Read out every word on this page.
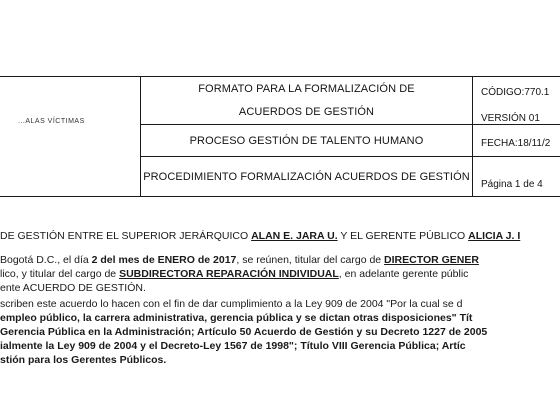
...ALAS VÍCTIMAS
FORMATO PARA LA FORMALIZACIÓN DE
ACUERDOS DE GESTIÓN
PROCESO GESTIÓN DE TALENTO HUMANO
PROCEDIMIENTO FORMALIZACIÓN ACUERDOS DE GESTIÓN
CÓDIGO:770.1
VERSIÓN 01
FECHA:18/11/2
Página 1 de 4
DE GESTIÓN ENTRE EL SUPERIOR JERÁRQUICO ALAN E. JARA U. Y EL GERENTE PÚBLICO ALICIA J. I
Bogotá D.C., el día 2 del mes de ENERO de 2017, se reúnen, titular del cargo de DIRECTOR GENER
lico, y titular del cargo de SUBDIRECTORA REPARACIÓN INDIVIDUAL, en adelante gerente públic
ente ACUERDO DE GESTIÓN.
scriben este acuerdo lo hacen con el fin de dar cumplimiento a la Ley 909 de 2004 "Por la cual se d
empleo público, la carrera administrativa, gerencia pública y se dictan otras disposiciones" Tít
Gerencia Pública en la Administración; Artículo 50 Acuerdo de Gestión y su Decreto 1227 de 2005
ialmente la Ley 909 de 2004 y el Decreto-Ley 1567 de 1998"; Título VIII Gerencia Pública; Artíc
stión para los Gerentes Públicos.
